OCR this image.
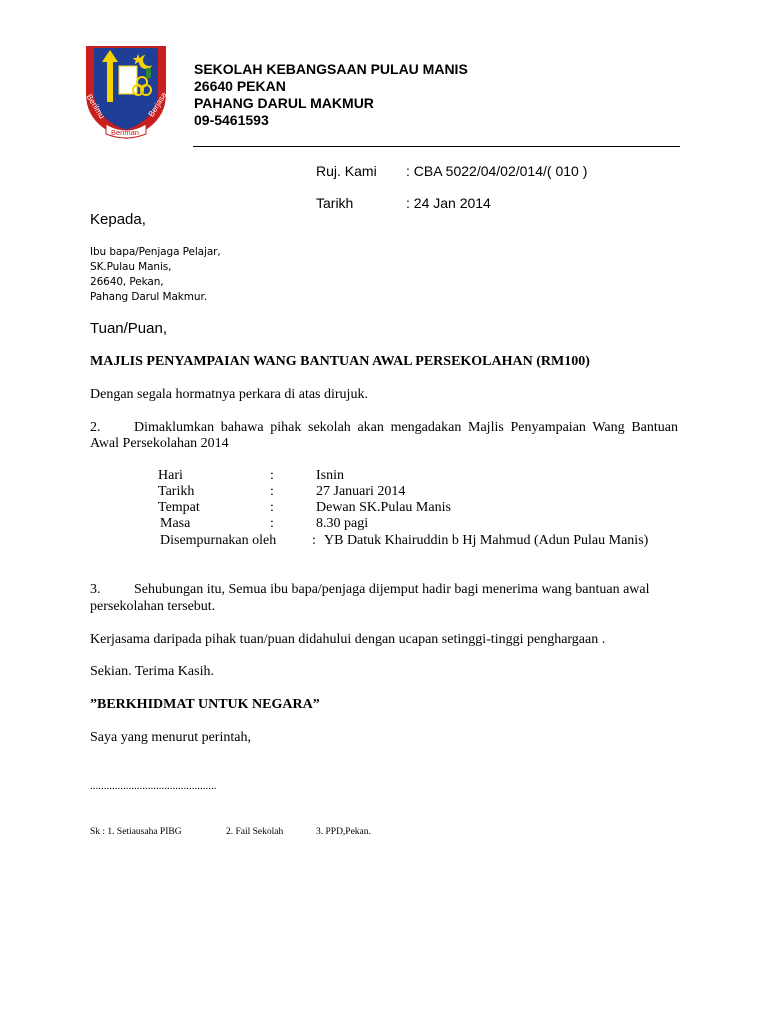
Berilmu	Berjasa
Beriman
SEKOLAH KEBANGSAAN PULAU MANIS
26640 PEKAN
PAHANG DARUL MAKMUR
09-5461593
Ruj. Kami : CBA 5022/04/02/014/( 010 )
Tarikh	: 24 Jan 2014
Kepada,
Ibu bapa/Penjaga Pelajar,
SK.Pulau Manis,
26640, Pekan,
Pahang Darul Makmur.
Tuan/Puan,
MAJLIS PENYAMPAIAN WANG BANTUAN AWAL PERSEKOLAHAN (RM100)
Dengan segala hormatnya perkara di atas dirujuk.
2. Dimaklumkan bahawa pihak sekolah akan mengadakan Majlis Penyampaian Wang Bantuan
Awal Persekolahan 2014
Hari	:	Isnin
Tarikh	:	27 Januari 2014
Tempat	:	Dewan SK.Pulau Manis
Masa	:	8.30 pagi
Disempurnakan oleh	: YB Datuk Khairuddin b Hj Mahmud (Adun Pulau Manis)
3. Sehubungan itu, Semua ibu bapa/penjaga dijemput hadir bagi menerima wang bantuan awal
persekolahan tersebut.
Kerjasama daripada pihak tuan/puan didahului dengan ucapan setinggi-tinggi penghargaan .
Sekian. Terima Kasih.
”BERKHIDMAT UNTUK NEGARA”
Saya yang menurut perintah,
..............................................
Sk : 1. Setiausaha PIBG	2. Fail Sekolah	3. PPD,Pekan.
